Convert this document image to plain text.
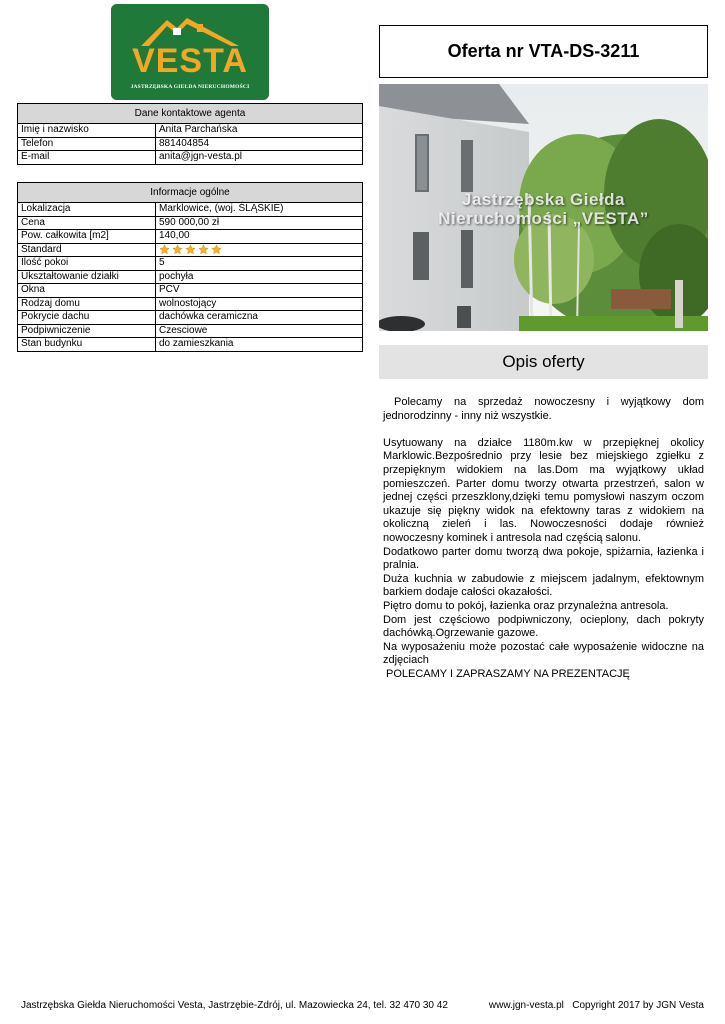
VESTA
JASTRZĘBSKA GIEŁDA NIERUCHOMOŚCI
Dane kontaktowe agenta	
Imię i nazwisko	Anita Parchańska
Telefon	881404854
E-mail	anita@jgn-vesta.pl
Informacje ogólne	
Lokalizacja	Marklowice, (woj. ŚLĄSKIE)
Cena	590 000,00 zł
Pow. całkowita [m2]	140,00
Standard	

Ilość pokoi	5
Ukształtowanie działki	pochyła
Okna	PCV
Rodzaj domu	wolnostojący
Pokrycie dachu	dachówka ceramiczna
Podpiwniczenie	Czesciowe
Stan budynku	do zamieszkania
Oferta nr VTA-DS-3211
Jastrzębska Giełda
Nieruchomości „VESTA”
Opis oferty

Polecamy na sprzedaż nowoczesny i wyjątkowy dom jednorodzinny - inny niż wszystkie.

Usytuowany na działce 1180m.kw w przepięknej okolicy Marklowic.Bezpośrednio przy lesie bez miejskiego zgiełku z przepięknym widokiem na las.Dom ma wyjątkowy układ pomieszczeń. Parter domu tworzy otwarta przestrzeń, salon w jednej części przeszklony,dzięki temu pomysłowi naszym oczom ukazuje się piękny widok na efektowny taras z widokiem na okoliczną zieleń i las. Nowoczesności dodaje również nowoczesny kominek i antresola nad częścią salonu.

Dodatkowo parter domu tworzą dwa pokoje, spiżarnia, łazienka i pralnia.

Duża kuchnia w zabudowie z miejscem jadalnym, efektownym barkiem dodaje całości okazałości.

Piętro domu to pokój, łazienka oraz przynależna antresola.

Dom jest częściowo podpiwniczony, ocieplony, dach pokryty dachówką.Ogrzewanie gazowe.

Na wyposażeniu może pozostać całe wyposażenie widoczne na zdjęciach

POLECAMY I ZAPRASZAMY NA PREZENTACJĘ

Jastrzębska Giełda Nieruchomości Vesta, Jastrzębie-Zdrój, ul. Mazowiecka 24, tel. 32 470 30 42	www.jgn-vesta.pl Copyright 2017 by JGN Vesta
